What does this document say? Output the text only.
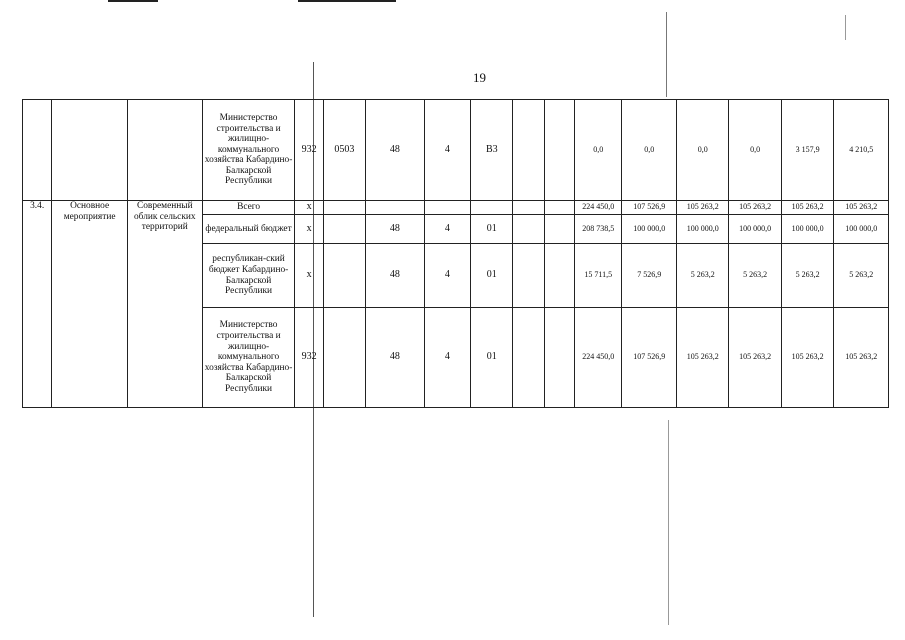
19
			Министерство строительства и жилищно-коммунального хозяйства Кабардино-Балкарской Республики	932	0503	48	4	В3			0,0	0,0	0,0	0,0	3 157,9	4 210,5
3.4.	Основное мероприятие	Современный облик сельских территорий	Всего	х							224 450,0	107 526,9	105 263,2	105 263,2	105 263,2	105 263,2
			федеральный бюджет	х		48	4	01			208 738,5	100 000,0	100 000,0	100 000,0	100 000,0	100 000,0
			республикан-ский бюджет Кабардино-Балкарской Республики	х		48	4	01			15 711,5	7 526,9	5 263,2	5 263,2	5 263,2	5 263,2
			Министерство строительства и жилищно-коммунального хозяйства Кабардино-Балкарской Республики	932		48	4	01			224 450,0	107 526,9	105 263,2	105 263,2	105 263,2	105 263,2
